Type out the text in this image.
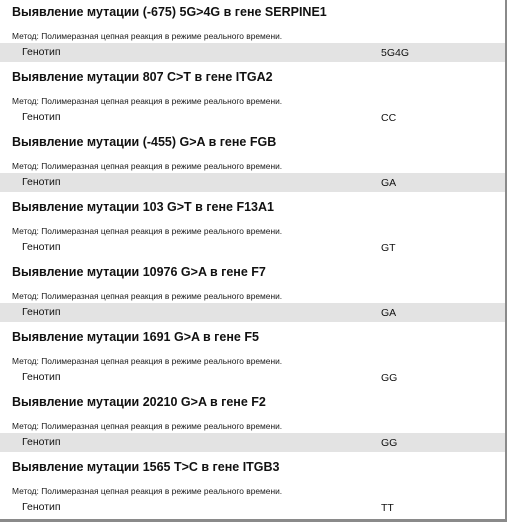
Выявление мутации (-675) 5G>4G в гене SERPINE1
Метод: Полимеразная цепная реакция в режиме реального времени.
Генотип	5G4G
Выявление мутации 807 C>T в гене ITGA2
Метод: Полимеразная цепная реакция в режиме реального времени.
Генотип	CC
Выявление мутации (-455) G>A в гене FGB
Метод: Полимеразная цепная реакция в режиме реального времени.
Генотип	GA
Выявление мутации 103 G>T в гене F13A1
Метод: Полимеразная цепная реакция в режиме реального времени.
Генотип	GT
Выявление мутации 10976 G>A в гене F7
Метод: Полимеразная цепная реакция в режиме реального времени.
Генотип	GA
Выявление мутации 1691 G>A в гене F5
Метод: Полимеразная цепная реакция в режиме реального времени.
Генотип	GG
Выявление мутации 20210 G>A в гене F2
Метод: Полимеразная цепная реакция в режиме реального времени.
Генотип	GG
Выявление мутации 1565 T>C в гене ITGB3
Метод: Полимеразная цепная реакция в режиме реального времени.
Генотип	TT
